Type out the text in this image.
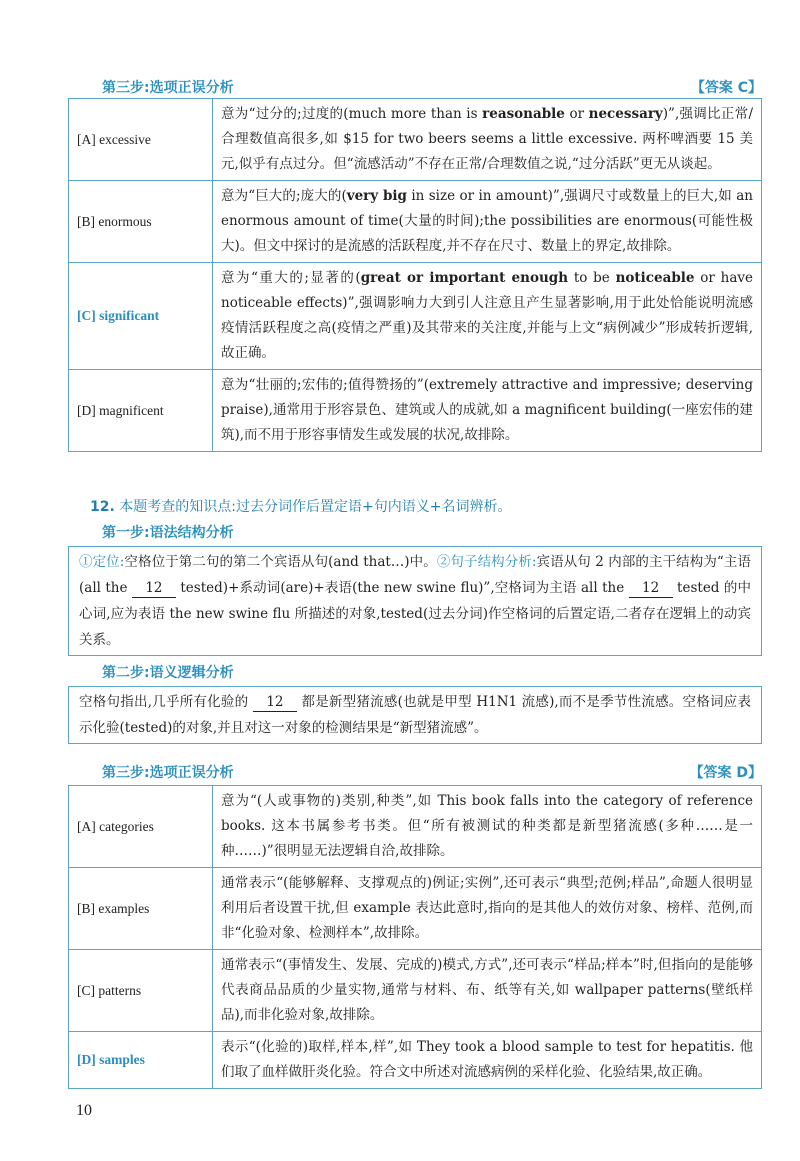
第三步:选项正误分析	【答案 C】
[A] excessive	意为“过分的;过度的(much more than is reasonable or necessary)”,强调比正常/合理数值高很多,如 $15 for two beers seems a little excessive. 两杯啤酒要 15 美元,似乎有点过分。但“流感活动”不存在正常/合理数值之说,“过分活跃”更无从谈起。
[B] enormous	意为“巨大的;庞大的(very big in size or in amount)”,强调尺寸或数量上的巨大,如 an enormous amount of time(大量的时间);the possibilities are enormous(可能性极大)。但文中探讨的是流感的活跃程度,并不存在尺寸、数量上的界定,故排除。
[C] significant	意为“重大的;显著的(great or important enough to be noticeable or have noticeable effects)”,强调影响力大到引人注意且产生显著影响,用于此处恰能说明流感疫情活跃程度之高(疫情之严重)及其带来的关注度,并能与上文“病例减少”形成转折逻辑,故正确。
[D] magnificent	意为“壮丽的;宏伟的;值得赞扬的”(extremely attractive and impressive; deserving praise),通常用于形容景色、建筑或人的成就,如 a magnificent building(一座宏伟的建筑),而不用于形容事情发生或发展的状况,故排除。
12. 本题考查的知识点:过去分词作后置定语+句内语义+名词辨析。
第一步:语法结构分析
①定位:空格位于第二句的第二个宾语从句(and that…)中。②句子结构分析:宾语从句 2 内部的主干结构为“主语(all the 12 tested)+系动词(are)+表语(the new swine flu)”,空格词为主语 all the 12 tested 的中心词,应为表语 the new swine flu 所描述的对象,tested(过去分词)作空格词的后置定语,二者存在逻辑上的动宾关系。
第二步:语义逻辑分析
空格句指出,几乎所有化验的 12 都是新型猪流感(也就是甲型 H1N1 流感),而不是季节性流感。空格词应表示化验(tested)的对象,并且对这一对象的检测结果是“新型猪流感”。
第三步:选项正误分析	【答案 D】
[A] categories	意为“(人或事物的)类别,种类”,如 This book falls into the category of reference books. 这本书属参考书类。但“所有被测试的种类都是新型猪流感(多种……是一种……)”很明显无法逻辑自洽,故排除。
[B] examples	通常表示“(能够解释、支撑观点的)例证;实例”,还可表示“典型;范例;样品”,命题人很明显利用后者设置干扰,但 example 表达此意时,指向的是其他人的效仿对象、榜样、范例,而非“化验对象、检测样本”,故排除。
[C] patterns	通常表示“(事情发生、发展、完成的)模式,方式”,还可表示“样品;样本”时,但指向的是能够代表商品品质的少量实物,通常与材料、布、纸等有关,如 wallpaper patterns(壁纸样品),而非化验对象,故排除。
[D] samples	表示“(化验的)取样,样本,样”,如 They took a blood sample to test for hepatitis. 他们取了血样做肝炎化验。符合文中所述对流感病例的采样化验、化验结果,故正确。
10
